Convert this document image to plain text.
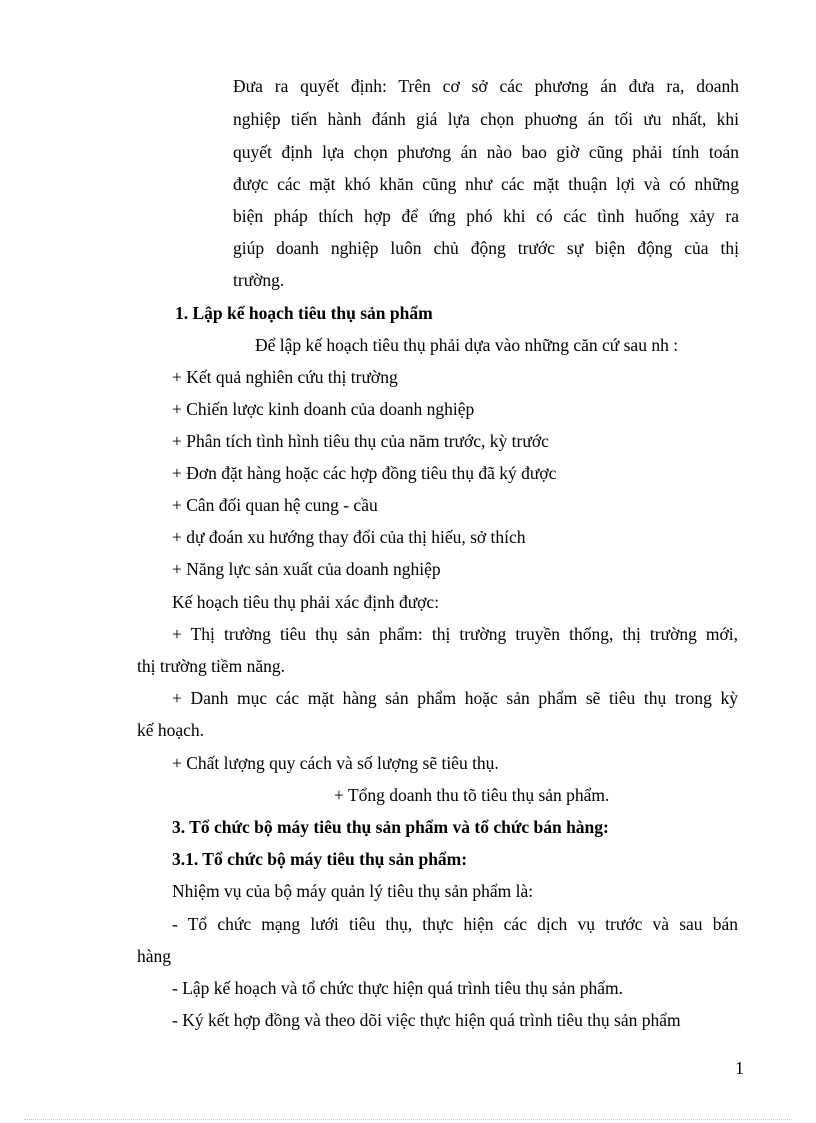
Đưa ra quyết định: Trên cơ sở các phương án đưa ra, doanh
nghiệp tiến hành đánh giá lựa chọn phuơng án tối ưu nhất, khi
quyết định lựa chọn phương án nào bao giờ cũng phải tính toán
được các mặt khó khăn cũng như các mặt thuận lợi và có những
biện pháp thích hợp để ứng phó khi có các tình huống xảy ra
giúp doanh nghiệp luôn chủ động trước sự biện động của thị
trường.
1. Lập kế hoạch tiêu thụ sản phẩm
Để lập kế hoạch tiêu thụ phải dựa vào những căn cứ sau nh :
+ Kết quả nghiên cứu thị trường
+ Chiến lược kinh doanh của doanh nghiệp
+ Phân tích tình hình tiêu thụ của năm trước, kỳ trước
+ Đơn đặt hàng hoặc các hợp đồng tiêu thụ đã ký được
+ Cân đối quan hệ cung - cầu
+ dự đoán xu hướng thay đổi của thị hiếu, sở thích
+ Năng lực sản xuất của doanh nghiệp
Kế hoạch tiêu thụ phải xác định được:
+ Thị trường tiêu thụ sản phẩm: thị trường truyền thống, thị trường mới,
thị trường tiềm năng.
+ Danh mục các mặt hàng sản phẩm hoặc sản phẩm sẽ tiêu thụ trong kỳ
kế hoạch.
+ Chất lượng quy cách và số lượng sẽ tiêu thụ.
+ Tổng doanh thu tõ tiêu thụ sản phẩm.
3. Tổ chức bộ máy tiêu thụ sản phẩm và tổ chức bán hàng:
3.1. Tổ chức bộ máy tiêu thụ sản phẩm:
Nhiệm vụ của bộ máy quản lý tiêu thụ sản phẩm là:
- Tổ chức mạng lưới tiêu thụ, thực hiện các dịch vụ trước và sau bán
hàng
- Lập kế hoạch và tổ chức thực hiện quá trình tiêu thụ sản phẩm.
- Ký kết hợp đồng và theo dõi việc thực hiện quá trình tiêu thụ sản phẩm
1
